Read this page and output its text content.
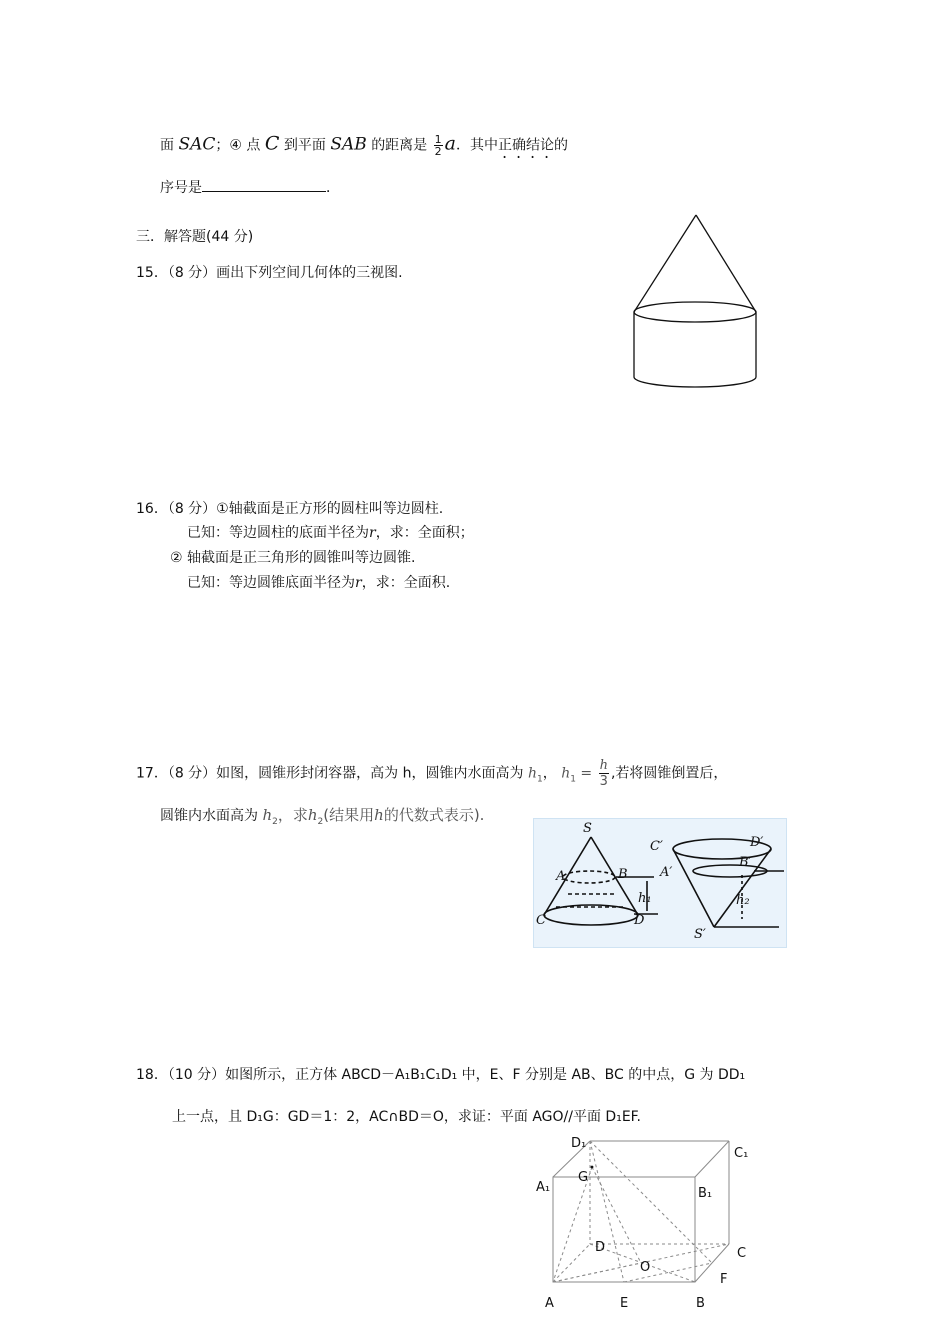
面 SAC；④ 点 C 到平面 SAB 的距离是 $\frac{1}{2}$ a．其中正确结论的
序号是	．
三．解答题(44 分)
15．（8 分）画出下列空间几何体的三视图.
16．（8 分）①轴截面是正方形的圆柱叫等边圆柱.
已知：等边圆柱的底面半径为r，求：全面积；
② 轴截面是正三角形的圆锥叫等边圆锥.
已知：等边圆锥底面半径为r，求：全面积.
17．（8 分）如图，圆锥形封闭容器，高为 h，圆锥内水面高为 $h_1$， $h_1 = \frac{h}{3}$ ,若将圆锥倒置后，
圆锥内水面高为 $h_2$，求$h_2$(结果用h的代数式表示).
S
A	B
C	D
h₁
C′	D′
A′
B′
h₂
S′
18．（10 分）如图所示，正方体 ABCD－A₁B₁C₁D₁ 中，E、F 分别是 AB、BC 的中点，G 为 DD₁
上一点，且 D₁G：GD＝1：2，AC∩BD＝O，求证：平面 AGO//平面 D₁EF.
D₁
C₁
A₁
G
B₁
D	C
O
F
A	E	B
